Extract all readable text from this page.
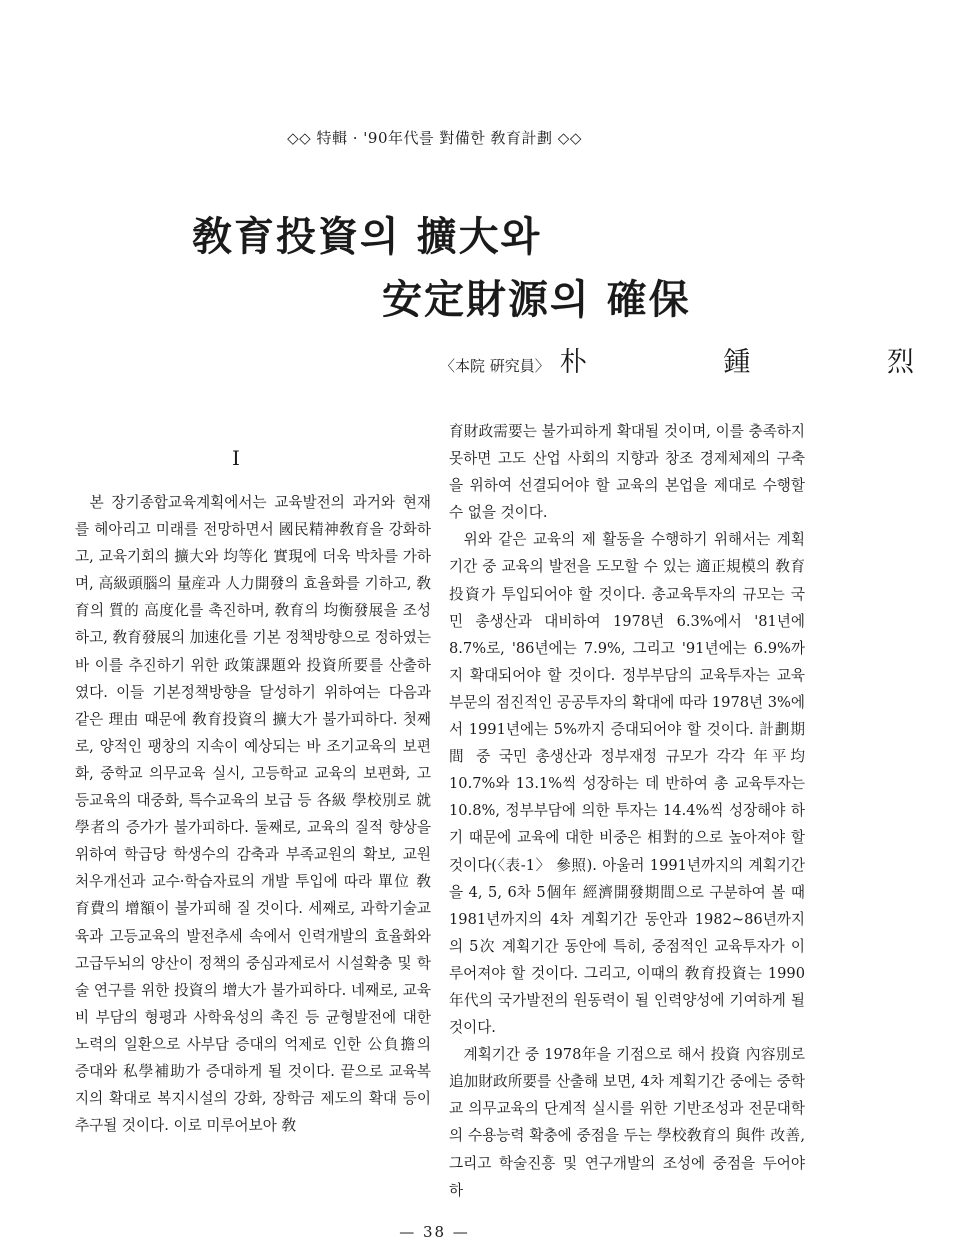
◇◇ 特輯 · '90年代를 對備한 敎育計劃 ◇◇
敎育投資의 擴大와
安定財源의 確保
〈本院 硏究員〉 朴 鍾 烈
I

본 장기종합교육계획에서는 교육발전의 과거와 현재를 헤아리고 미래를 전망하면서 國民精神敎育을 강화하고, 교육기회의 擴大와 均等化 實現에 더욱 박차를 가하며, 高級頭腦의 量産과 人力開發의 효율화를 기하고, 敎育의 質的 高度化를 촉진하며, 敎育의 均衡發展을 조성하고, 敎育發展의 加速化를 기본 정책방향으로 정하였는 바 이를 추진하기 위한 政策課題와 投資所要를 산출하였다. 이들 기본정책방향을 달성하기 위하여는 다음과 같은 理由 때문에 敎育投資의 擴大가 불가피하다. 첫째로, 양적인 팽창의 지속이 예상되는 바 조기교육의 보편화, 중학교 의무교육 실시, 고등학교 교육의 보편화, 고등교육의 대중화, 특수교육의 보급 등 各級 學校別로 就學者의 증가가 불가피하다. 둘째로, 교육의 질적 향상을 위하여 학급당 학생수의 감축과 부족교원의 확보, 교원 처우개선과 교수·학습자료의 개발 투입에 따라 單位 敎育費의 增額이 불가피해 질 것이다. 세째로, 과학기술교육과 고등교육의 발전추세 속에서 인력개발의 효율화와 고급두뇌의 양산이 정책의 중심과제로서 시설확충 및 학술 연구를 위한 投資의 增大가 불가피하다. 네째로, 교육비 부담의 형평과 사학육성의 촉진 등 균형발전에 대한 노력의 일환으로 사부담 증대의 억제로 인한 公負擔의 증대와 私學補助가 증대하게 될 것이다. 끝으로 교육복지의 확대로 복지시설의 강화, 장학금 제도의 확대 등이 추구될 것이다. 이로 미루어보아 敎

育財政需要는 불가피하게 확대될 것이며, 이를 충족하지 못하면 고도 산업 사회의 지향과 창조 경제체제의 구축을 위하여 선결되어야 할 교육의 본업을 제대로 수행할 수 없을 것이다.

위와 같은 교육의 제 활동을 수행하기 위해서는 계획기간 중 교육의 발전을 도모할 수 있는 適正規模의 敎育投資가 투입되어야 할 것이다. 총교육투자의 규모는 국민 총생산과 대비하여 1978년 6.3%에서 '81년에 8.7%로, '86년에는 7.9%, 그리고 '91년에는 6.9%까지 확대되어야 할 것이다. 정부부담의 교육투자는 교육부문의 점진적인 공공투자의 확대에 따라 1978년 3%에서 1991년에는 5%까지 증대되어야 할 것이다. 計劃期間 중 국민 총생산과 정부재정 규모가 각각 年平均 10.7%와 13.1%씩 성장하는 데 반하여 총 교육투자는 10.8%, 정부부담에 의한 투자는 14.4%씩 성장해야 하기 때문에 교육에 대한 비중은 相對的으로 높아져야 할 것이다(〈表-1〉 參照). 아울러 1991년까지의 계획기간을 4, 5, 6차 5個年 經濟開發期間으로 구분하여 볼 때 1981년까지의 4차 계획기간 동안과 1982~86년까지의 5次 계획기간 동안에 특히, 중점적인 교육투자가 이루어져야 할 것이다. 그리고, 이때의 敎育投資는 1990年代의 국가발전의 원동력이 될 인력양성에 기여하게 될 것이다.

계획기간 중 1978年을 기점으로 해서 投資 內容別로 追加財政所要를 산출해 보면, 4차 계획기간 중에는 중학교 의무교육의 단계적 실시를 위한 기반조성과 전문대학의 수용능력 확충에 중점을 두는 學校敎育의 與件 改善, 그리고 학술진흥 및 연구개발의 조성에 중점을 두어야 하

— 38 —
